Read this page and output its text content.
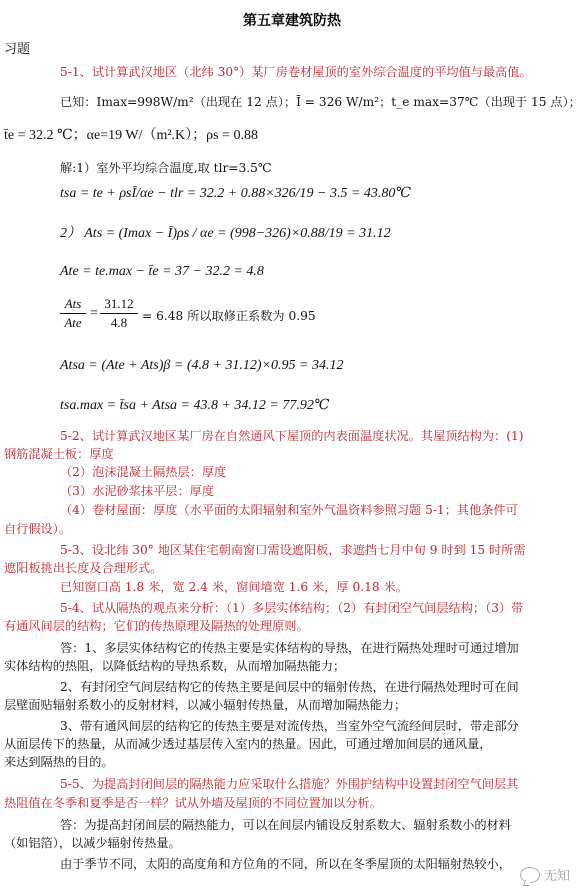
第五章建筑防热
习题
5-1、试计算武汉地区（北纬 30°）某厂房卷材屋顶的室外综合温度的平均值与最高值。
已知：Imax=998W/m²（出现在 12 点）；Ī = 326 W/m²；t_e max=37℃（出现于 15 点）；
t̄e = 32.2 ℃；αe=19 W/（m².K）；ρs = 0.88
解:1）室外平均综合温度,取 tlr=3.5℃
tsa = te + ρsĪ/αe − tlr = 32.2 + 0.88×326/19 − 3.5 = 43.80℃
2） Ats = (Imax − Ī)ρs / αe = (998−326)×0.88/19 = 31.12
Ate = te.max − t̄e = 37 − 32.2 = 4.8
Ats
Ate
=
31.12
4.8	= 6.48 所以取修正系数为 0.95
Atsa = (Ate + Ats)β = (4.8 + 31.12)×0.95 = 34.12
tsa.max = t̄sa + Atsa = 43.8 + 34.12 = 77.92℃
5-2、试计算武汉地区某厂房在自然通风下屋顶的内表面温度状况。其屋顶结构为：(1)
钢筋混凝土板：厚度
（2）泡沫混凝土隔热层：厚度
（3）水泥砂浆抹平层：厚度
（4）卷材屋面：厚度（水平面的太阳辐射和室外气温资料参照习题 5-1；其他条件可
自行假设）。
5-3、设北纬 30° 地区某住宅朝南窗口需设遮阳板，求遮挡七月中旬 9 时到 15 时所需
遮阳板挑出长度及合理形式。
已知窗口高 1.8 米，宽 2.4 米，窗间墙宽 1.6 米，厚 0.18 米。
5-4、试从隔热的观点来分析：（1）多层实体结构；（2）有封闭空气间层结构；（3）带
有通风间层的结构；它们的传热原理及隔热的处理原则。
答：1、多层实体结构它的传热主要是实体结构的导热，在进行隔热处理时可通过增加
实体结构的热阻，以降低结构的导热系数，从而增加隔热能力；
2、有封闭空气间层结构它的传热主要是间层中的辐射传热，在进行隔热处理时可在间
层壁面贴辐射系数小的反射材料，以减小辐射传热量，从而增加隔热能力；
3、带有通风间层的结构它的传热主要是对流传热，当室外空气流经间层时，带走部分
从面层传下的热量，从而减少透过基层传入室内的热量。因此，可通过增加间层的通风量，
来达到隔热的目的。
5-5、为提高封闭间层的隔热能力应采取什么措施？外围护结构中设置封闭空气间层其
热阻值在冬季和夏季是否一样？试从外墙及屋顶的不同位置加以分析。
答：为提高封闭间层的隔热能力，可以在间层内铺设反射系数大、辐射系数小的材料
（如铝箔），以减少辐射传热量。
由于季节不同，太阳的高度角和方位角的不同，所以在冬季屋顶的太阳辐射热较小，
无知
